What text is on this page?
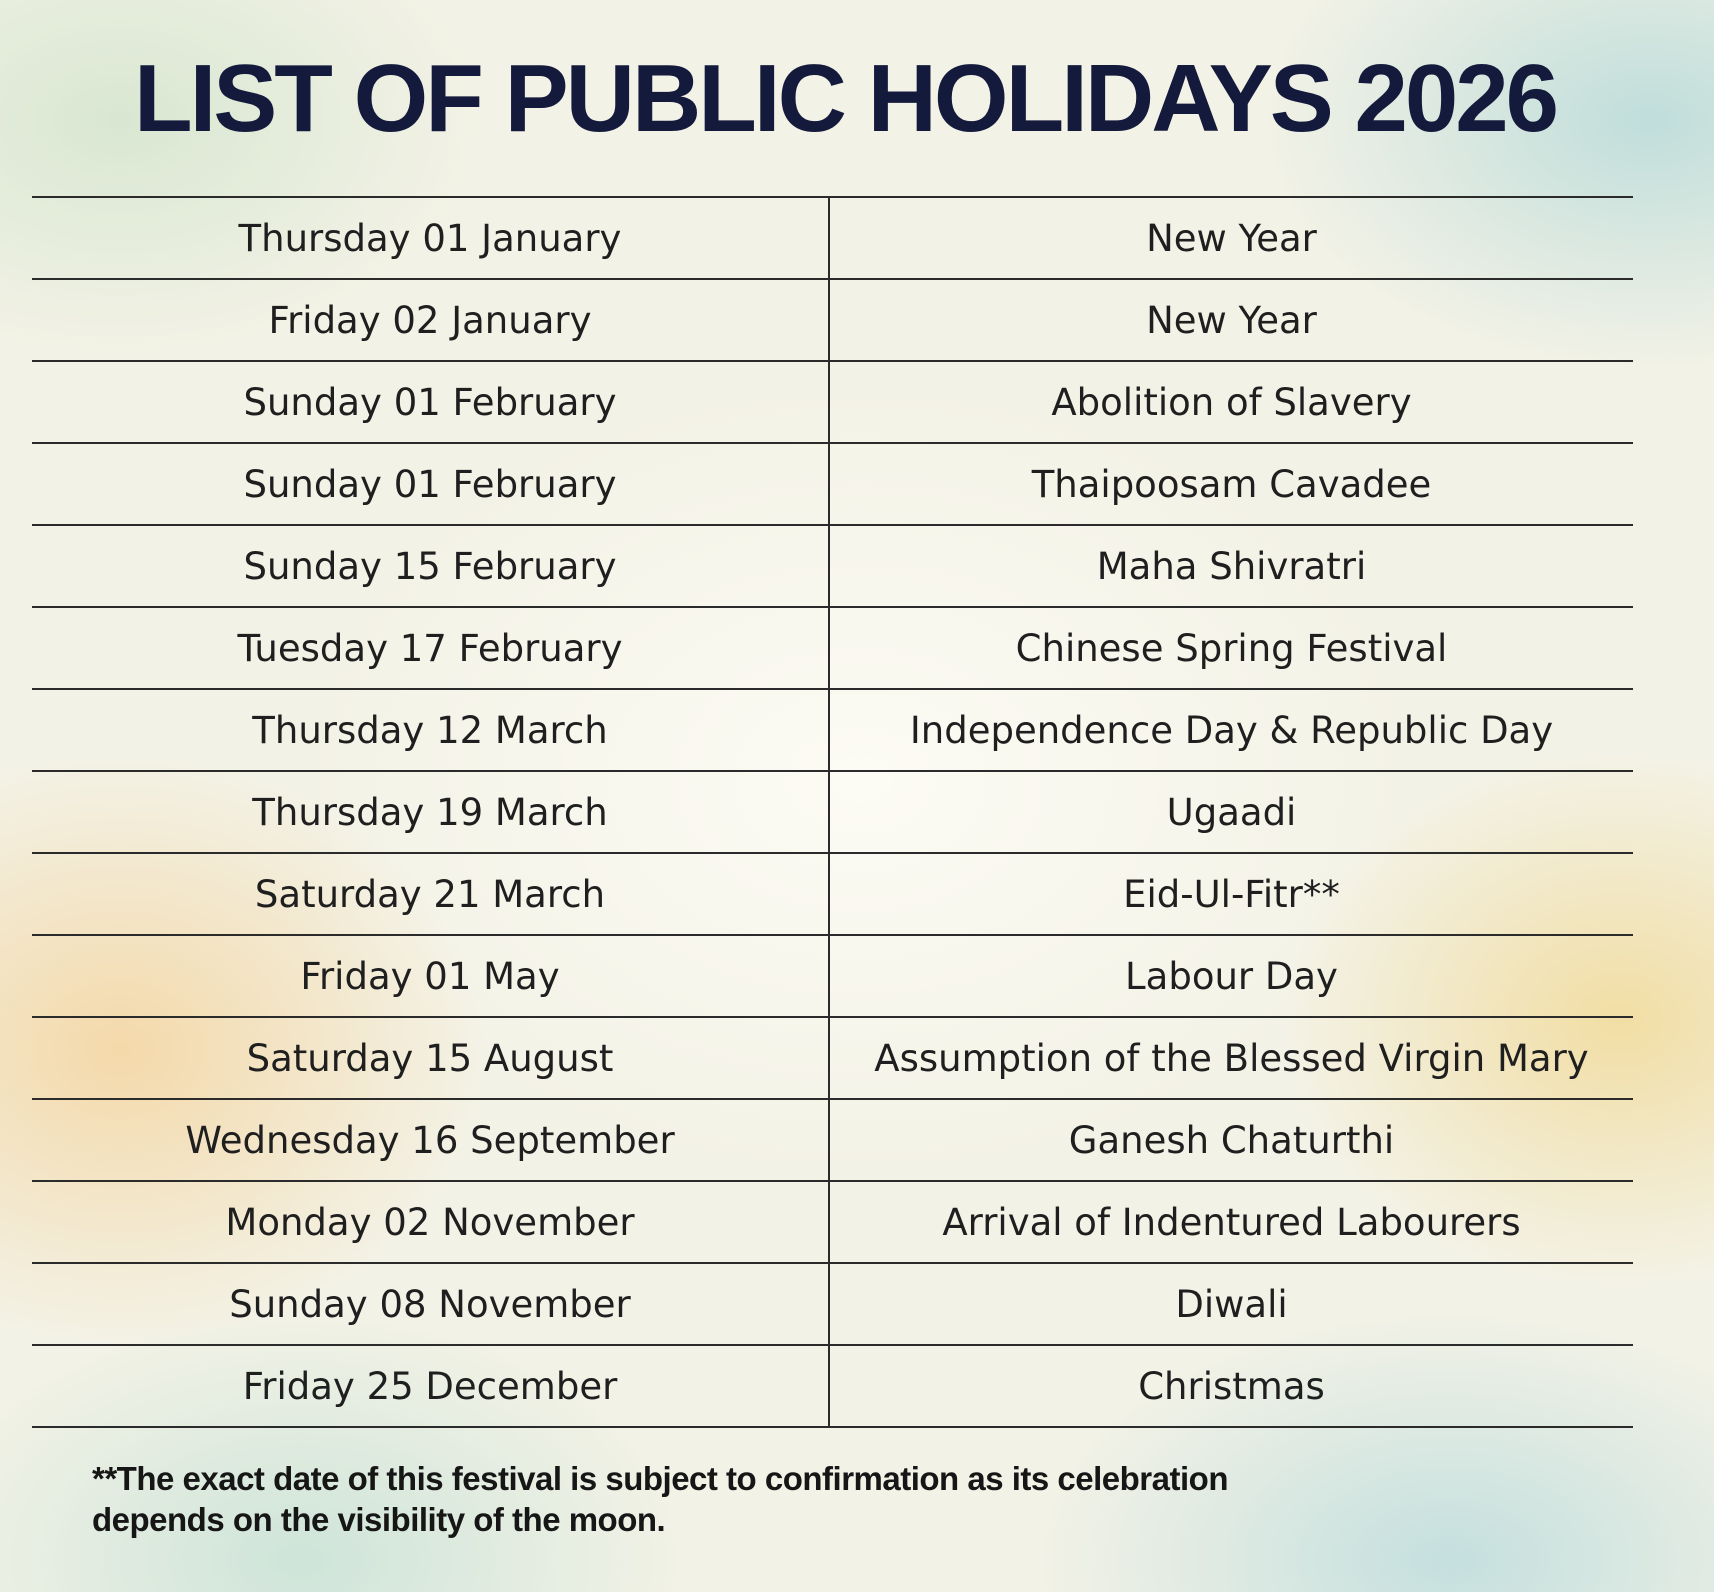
LIST OF PUBLIC HOLIDAYS 2026
Thursday 01 January	New Year
Friday 02 January	New Year
Sunday 01 February	Abolition of Slavery
Sunday 01 February	Thaipoosam Cavadee
Sunday 15 February	Maha Shivratri
Tuesday 17 February	Chinese Spring Festival
Thursday 12 March	Independence Day & Republic Day
Thursday 19 March	Ugaadi
Saturday 21 March	Eid-Ul-Fitr**
Friday 01 May	Labour Day
Saturday 15 August	Assumption of the Blessed Virgin Mary
Wednesday 16 September	Ganesh Chaturthi
Monday 02 November	Arrival of Indentured Labourers
Sunday 08 November	Diwali
Friday 25 December	Christmas

**The exact date of this festival is subject to confirmation as its celebration
depends on the visibility of the moon.
